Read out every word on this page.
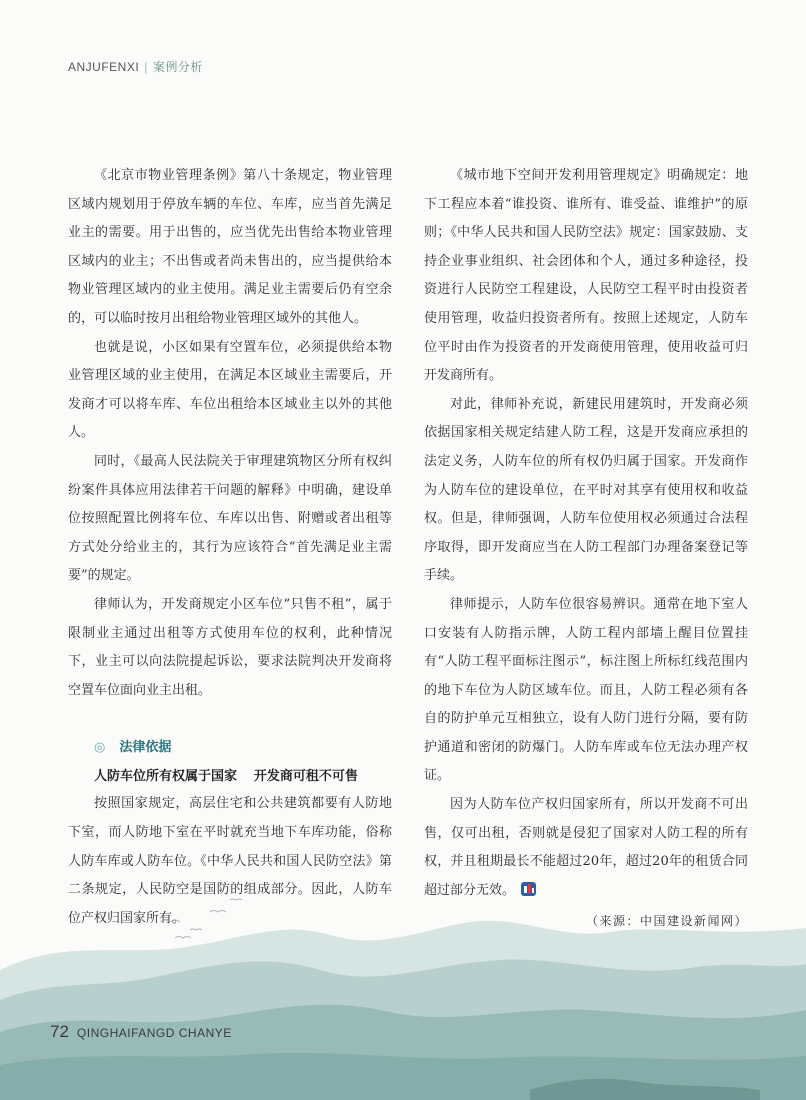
ANJUFENXI | 案例分析

《北京市物业管理条例》第八十条规定，物业管理区域内规划用于停放车辆的车位、车库，应当首先满足业主的需要。用于出售的，应当优先出售给本物业管理区域内的业主；不出售或者尚未售出的，应当提供给本物业管理区域内的业主使用。满足业主需要后仍有空余的，可以临时按月出租给物业管理区域外的其他人。

也就是说，小区如果有空置车位，必须提供给本物业管理区域的业主使用，在满足本区域业主需要后，开发商才可以将车库、车位出租给本区域业主以外的其他人。

同时，《最高人民法院关于审理建筑物区分所有权纠纷案件具体应用法律若干问题的解释》中明确，建设单位按照配置比例将车位、车库以出售、附赠或者出租等方式处分给业主的，其行为应该符合“首先满足业主需要”的规定。

律师认为，开发商规定小区车位“只售不租”，属于限制业主通过出租等方式使用车位的权利，此种情况下，业主可以向法院提起诉讼，要求法院判决开发商将空置车位面向业主出租。

◎ 法律依据
人防车位所有权属于国家 开发商可租不可售

按照国家规定，高层住宅和公共建筑都要有人防地下室，而人防地下室在平时就充当地下车库功能，俗称人防车库或人防车位。《中华人民共和国人民防空法》第二条规定，人民防空是国防的组成部分。因此，人防车位产权归国家所有。

《城市地下空间开发利用管理规定》明确规定：地下工程应本着“谁投资、谁所有、谁受益、谁维护”的原则；《中华人民共和国人民防空法》规定：国家鼓励、支持企业事业组织、社会团体和个人，通过多种途径，投资进行人民防空工程建设，人民防空工程平时由投资者使用管理，收益归投资者所有。按照上述规定，人防车位平时由作为投资者的开发商使用管理，使用收益可归开发商所有。

对此，律师补充说，新建民用建筑时，开发商必须依据国家相关规定结建人防工程，这是开发商应承担的法定义务，人防车位的所有权仍归属于国家。开发商作为人防车位的建设单位，在平时对其享有使用权和收益权。但是，律师强调，人防车位使用权必须通过合法程序取得，即开发商应当在人防工程部门办理备案登记等手续。

律师提示，人防车位很容易辨识。通常在地下室人口安装有人防指示牌，人防工程内部墙上醒目位置挂有“人防工程平面标注图示”，标注图上所标红线范围内的地下车位为人防区域车位。而且，人防工程必须有各自的防护单元互相独立，设有人防门进行分隔，要有防护通道和密闭的防爆门。人防车库或车位无法办理产权证。

因为人防车位产权归国家所有，所以开发商不可出售，仅可出租，否则就是侵犯了国家对人防工程的所有权，并且租期最长不能超过20年，超过20年的租赁合同超过部分无效。

（来源：中国建设新闻网）
72 QINGHAIFANGD CHANYE
